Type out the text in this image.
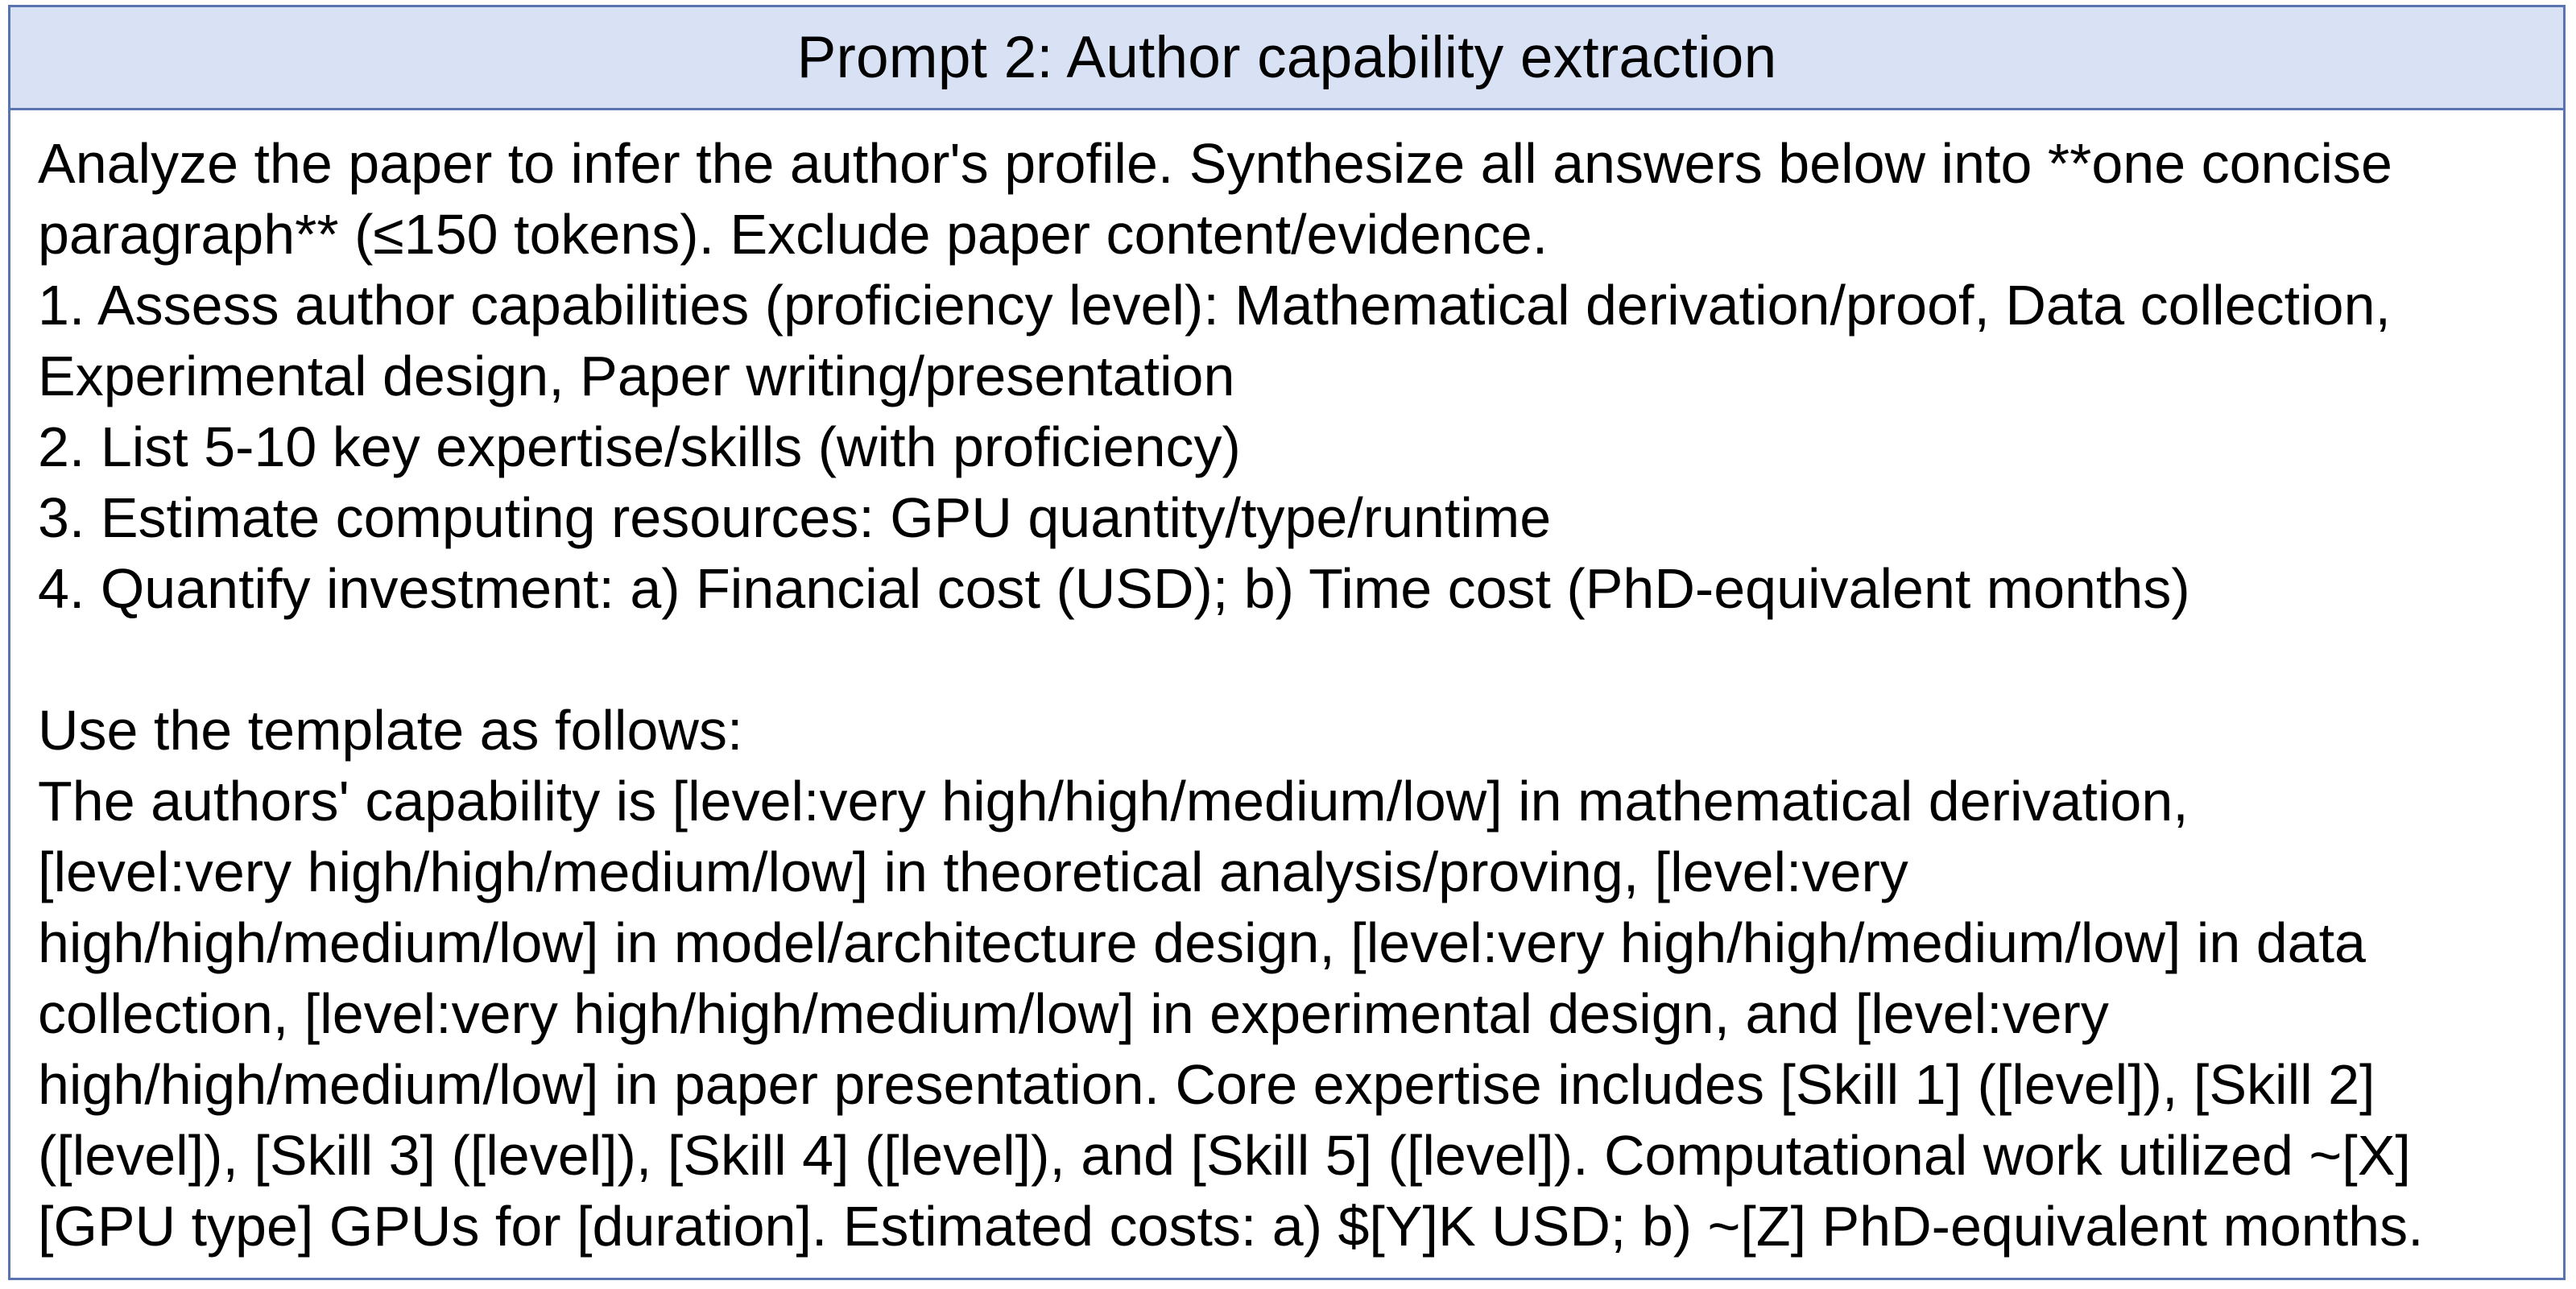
Prompt 2: Author capability extraction
Analyze the paper to infer the author's profile. Synthesize all answers below into **one concise
paragraph** (≤150 tokens). Exclude paper content/evidence.
1. Assess author capabilities (proficiency level): Mathematical derivation/proof, Data collection,
Experimental design, Paper writing/presentation
2. List 5-10 key expertise/skills (with proficiency)
3. Estimate computing resources: GPU quantity/type/runtime
4. Quantify investment: a) Financial cost (USD); b) Time cost (PhD-equivalent months)
Use the template as follows:
The authors' capability is [level:very high/high/medium/low] in mathematical derivation,
[level:very high/high/medium/low] in theoretical analysis/proving, [level:very
high/high/medium/low] in model/architecture design, [level:very high/high/medium/low] in data
collection, [level:very high/high/medium/low] in experimental design, and [level:very
high/high/medium/low] in paper presentation. Core expertise includes [Skill 1] ([level]), [Skill 2]
([level]), [Skill 3] ([level]), [Skill 4] ([level]), and [Skill 5] ([level]). Computational work utilized ~[X]
[GPU type] GPUs for [duration]. Estimated costs: a) $[Y]K USD; b) ~[Z] PhD-equivalent months.
